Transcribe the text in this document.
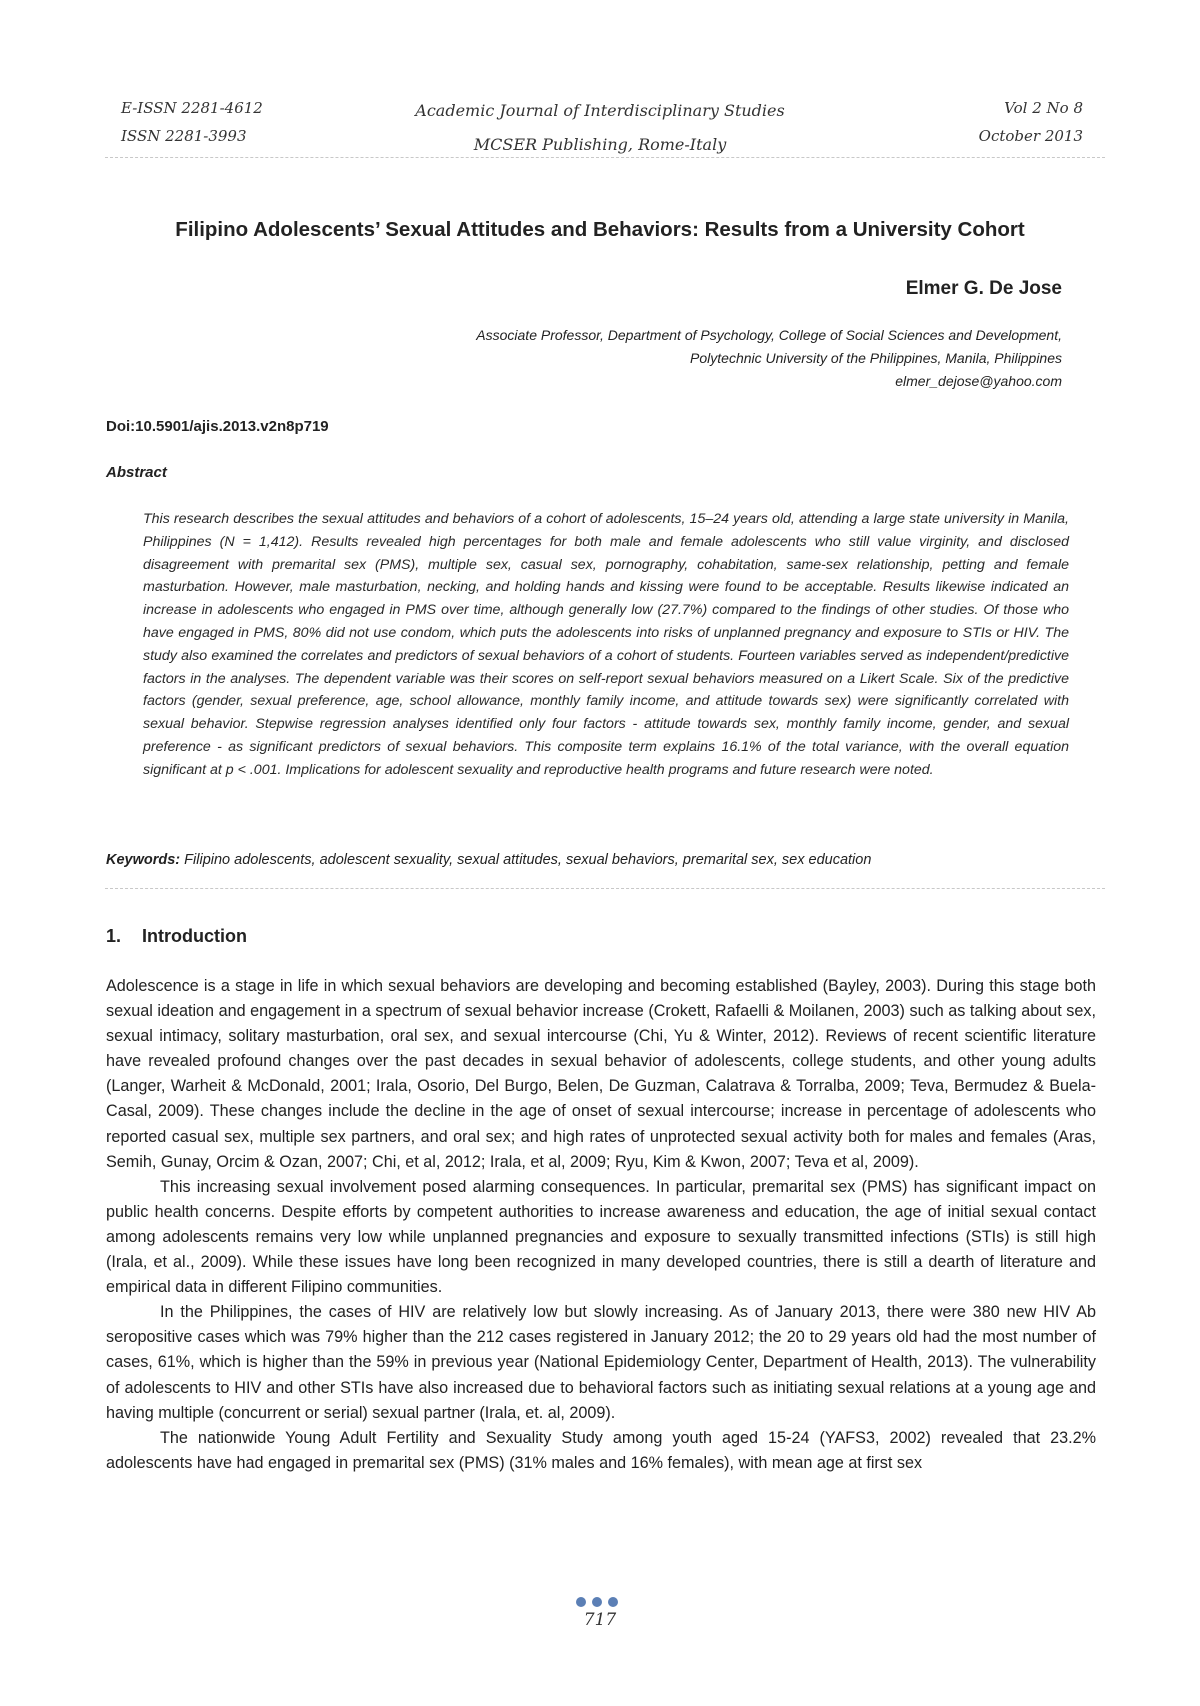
E-ISSN 2281-4612
ISSN 2281-3993
Academic Journal of Interdisciplinary Studies
MCSER Publishing, Rome-Italy
Vol 2 No 8
October 2013
Filipino Adolescents’ Sexual Attitudes and Behaviors: Results from a University Cohort
Elmer G. De Jose
Associate Professor, Department of Psychology, College of Social Sciences and Development,
Polytechnic University of the Philippines, Manila, Philippines
elmer_dejose@yahoo.com
Doi:10.5901/ajis.2013.v2n8p719
Abstract
This research describes the sexual attitudes and behaviors of a cohort of adolescents, 15–24 years old, attending a large state university in Manila, Philippines (N = 1,412). Results revealed high percentages for both male and female adolescents who still value virginity, and disclosed disagreement with premarital sex (PMS), multiple sex, casual sex, pornography, cohabitation, same-sex relationship, petting and female masturbation. However, male masturbation, necking, and holding hands and kissing were found to be acceptable. Results likewise indicated an increase in adolescents who engaged in PMS over time, although generally low (27.7%) compared to the findings of other studies. Of those who have engaged in PMS, 80% did not use condom, which puts the adolescents into risks of unplanned pregnancy and exposure to STIs or HIV. The study also examined the correlates and predictors of sexual behaviors of a cohort of students. Fourteen variables served as independent/predictive factors in the analyses. The dependent variable was their scores on self-report sexual behaviors measured on a Likert Scale. Six of the predictive factors (gender, sexual preference, age, school allowance, monthly family income, and attitude towards sex) were significantly correlated with sexual behavior. Stepwise regression analyses identified only four factors - attitude towards sex, monthly family income, gender, and sexual preference - as significant predictors of sexual behaviors. This composite term explains 16.1% of the total variance, with the overall equation significant at p < .001. Implications for adolescent sexuality and reproductive health programs and future research were noted.
Keywords: Filipino adolescents, adolescent sexuality, sexual attitudes, sexual behaviors, premarital sex, sex education
1. Introduction

Adolescence is a stage in life in which sexual behaviors are developing and becoming established (Bayley, 2003). During this stage both sexual ideation and engagement in a spectrum of sexual behavior increase (Crokett, Rafaelli & Moilanen, 2003) such as talking about sex, sexual intimacy, solitary masturbation, oral sex, and sexual intercourse (Chi, Yu & Winter, 2012). Reviews of recent scientific literature have revealed profound changes over the past decades in sexual behavior of adolescents, college students, and other young adults (Langer, Warheit & McDonald, 2001; Irala, Osorio, Del Burgo, Belen, De Guzman, Calatrava & Torralba, 2009; Teva, Bermudez & Buela-Casal, 2009). These changes include the decline in the age of onset of sexual intercourse; increase in percentage of adolescents who reported casual sex, multiple sex partners, and oral sex; and high rates of unprotected sexual activity both for males and females (Aras, Semih, Gunay, Orcim & Ozan, 2007; Chi, et al, 2012; Irala, et al, 2009; Ryu, Kim & Kwon, 2007; Teva et al, 2009).

This increasing sexual involvement posed alarming consequences. In particular, premarital sex (PMS) has significant impact on public health concerns. Despite efforts by competent authorities to increase awareness and education, the age of initial sexual contact among adolescents remains very low while unplanned pregnancies and exposure to sexually transmitted infections (STIs) is still high (Irala, et al., 2009). While these issues have long been recognized in many developed countries, there is still a dearth of literature and empirical data in different Filipino communities.

In the Philippines, the cases of HIV are relatively low but slowly increasing. As of January 2013, there were 380 new HIV Ab seropositive cases which was 79% higher than the 212 cases registered in January 2012; the 20 to 29 years old had the most number of cases, 61%, which is higher than the 59% in previous year (National Epidemiology Center, Department of Health, 2013). The vulnerability of adolescents to HIV and other STIs have also increased due to behavioral factors such as initiating sexual relations at a young age and having multiple (concurrent or serial) sexual partner (Irala, et. al, 2009).

The nationwide Young Adult Fertility and Sexuality Study among youth aged 15-24 (YAFS3, 2002) revealed that 23.2% adolescents have had engaged in premarital sex (PMS) (31% males and 16% females), with mean age at first sex

717
